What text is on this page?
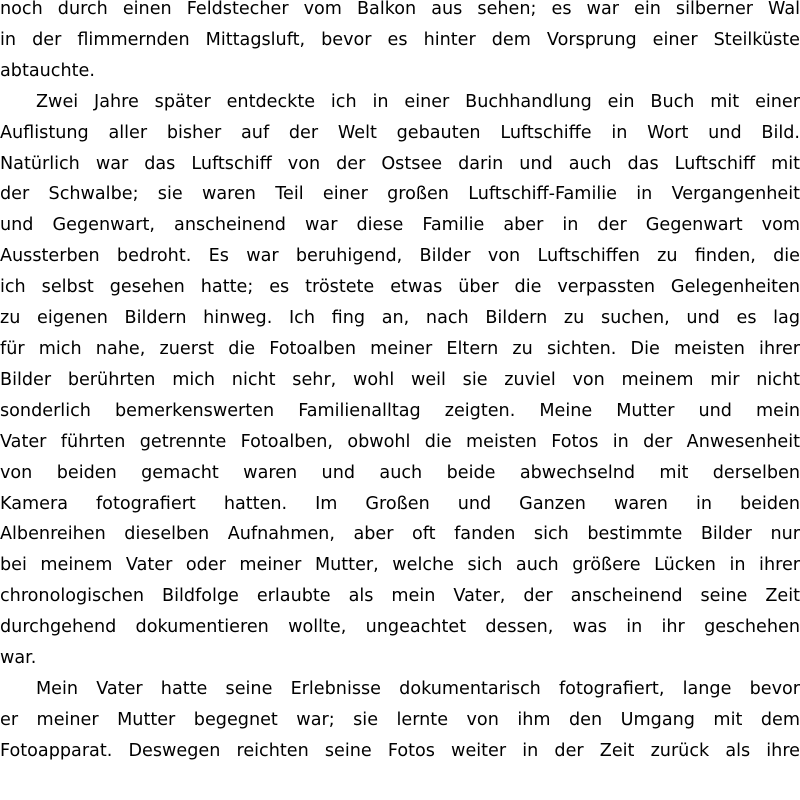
noch durch einen Feldstecher vom Balkon aus sehen; es war ein silberner Wal
in der flimmernden Mittagsluft, bevor es hinter dem Vorsprung einer Steilküste
abtauchte.
Zwei Jahre später entdeckte ich in einer Buchhandlung ein Buch mit einer
Auflistung aller bisher auf der Welt gebauten Luftschiffe in Wort und Bild.
Natürlich war das Luftschiff von der Ostsee darin und auch das Luftschiff mit
der Schwalbe; sie waren Teil einer großen Luftschiff-Familie in Vergangenheit
und Gegenwart, anscheinend war diese Familie aber in der Gegenwart vom
Aussterben bedroht. Es war beruhigend, Bilder von Luftschiffen zu finden, die
ich selbst gesehen hatte; es tröstete etwas über die verpassten Gelegenheiten
zu eigenen Bildern hinweg. Ich fing an, nach Bildern zu suchen, und es lag
für mich nahe, zuerst die Fotoalben meiner Eltern zu sichten. Die meisten ihrer
Bilder berührten mich nicht sehr, wohl weil sie zuviel von meinem mir nicht
sonderlich bemerkenswerten Familienalltag zeigten. Meine Mutter und mein
Vater führten getrennte Fotoalben, obwohl die meisten Fotos in der Anwesenheit
von beiden gemacht waren und auch beide abwechselnd mit derselben
Kamera fotografiert hatten. Im Großen und Ganzen waren in beiden
Albenreihen dieselben Aufnahmen, aber oft fanden sich bestimmte Bilder nur
bei meinem Vater oder meiner Mutter, welche sich auch größere Lücken in ihrer
chronologischen Bildfolge erlaubte als mein Vater, der anscheinend seine Zeit
durchgehend dokumentieren wollte, ungeachtet dessen, was in ihr geschehen
war.
Mein Vater hatte seine Erlebnisse dokumentarisch fotografiert, lange bevor
er meiner Mutter begegnet war; sie lernte von ihm den Umgang mit dem
Fotoapparat. Deswegen reichten seine Fotos weiter in der Zeit zurück als ihre
